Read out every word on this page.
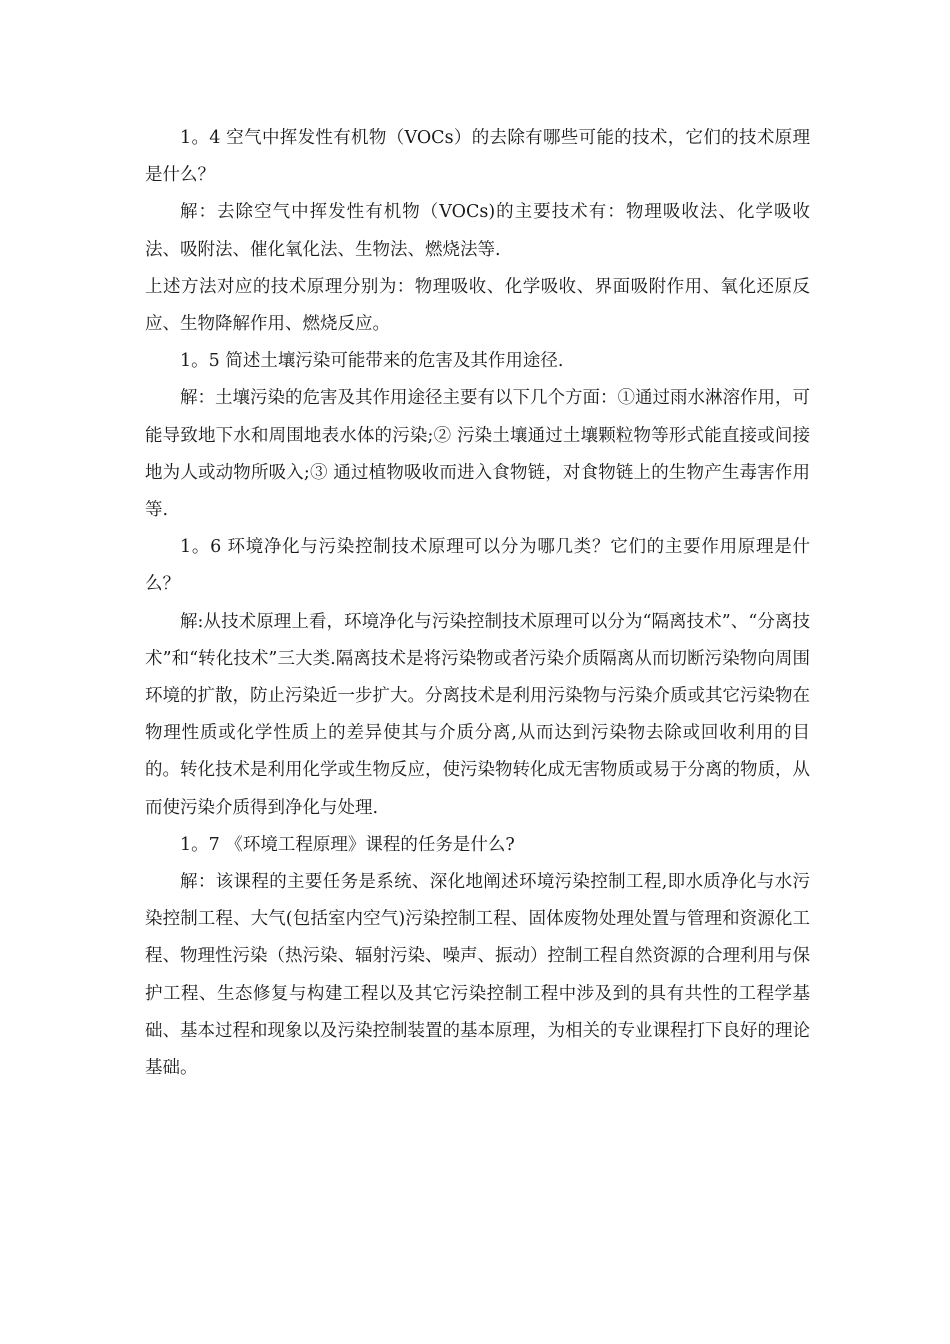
1。4 空气中挥发性有机物（VOCs）的去除有哪些可能的技术，它们的技术原理是什么？

解：去除空气中挥发性有机物（VOCs)的主要技术有：物理吸收法、化学吸收法、吸附法、催化氧化法、生物法、燃烧法等.

上述方法对应的技术原理分别为：物理吸收、化学吸收、界面吸附作用、氧化还原反应、生物降解作用、燃烧反应。

1。5 简述土壤污染可能带来的危害及其作用途径.

解：土壤污染的危害及其作用途径主要有以下几个方面：①通过雨水淋溶作用，可能导致地下水和周围地表水体的污染;② 污染土壤通过土壤颗粒物等形式能直接或间接地为人或动物所吸入;③ 通过植物吸收而进入食物链，对食物链上的生物产生毒害作用等.

1。6 环境净化与污染控制技术原理可以分为哪几类？它们的主要作用原理是什么？

解:从技术原理上看，环境净化与污染控制技术原理可以分为“隔离技术”、“分离技术”和“转化技术”三大类.隔离技术是将污染物或者污染介质隔离从而切断污染物向周围环境的扩散，防止污染近一步扩大。分离技术是利用污染物与污染介质或其它污染物在物理性质或化学性质上的差异使其与介质分离,从而达到污染物去除或回收利用的目的。转化技术是利用化学或生物反应，使污染物转化成无害物质或易于分离的物质，从而使污染介质得到净化与处理.

1。7 《环境工程原理》课程的任务是什么?

解：该课程的主要任务是系统、深化地阐述环境污染控制工程,即水质净化与水污染控制工程、大气(包括室内空气)污染控制工程、固体废物处理处置与管理和资源化工程、物理性污染（热污染、辐射污染、噪声、振动）控制工程自然资源的合理利用与保护工程、生态修复与构建工程以及其它污染控制工程中涉及到的具有共性的工程学基础、基本过程和现象以及污染控制装置的基本原理，为相关的专业课程打下良好的理论基础。
